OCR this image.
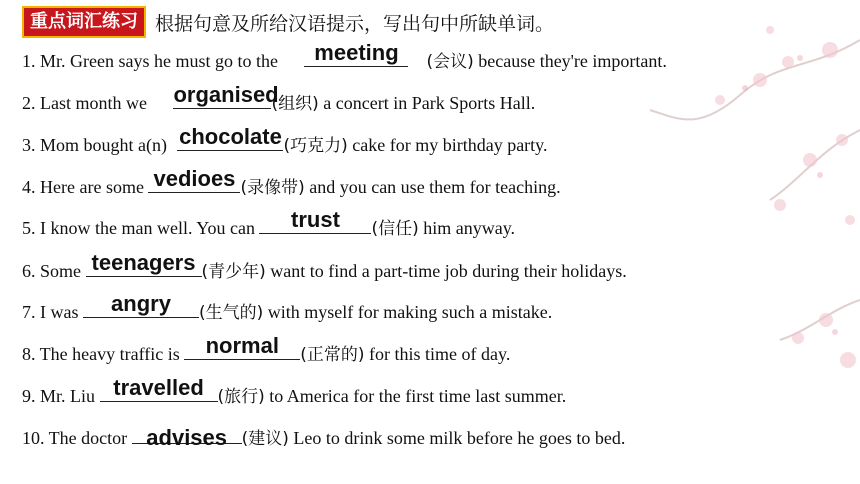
重点词汇练习 根据句意及所给汉语提示，写出句中所缺单词。
1. Mr. Green says he must go to the	meeting	(会议) because they're important.
2. Last month we organised
(组织) a concert in Park Sports Hall.
3. Mom bought a(n) chocolate (巧克力) cake for my birthday party.
4. Here are some vedioes (录像带) and you can use them for teaching.
5. I know the man well. You can	trust	(信任) him anyway.
6. Some teenagers (青少年) want to find a part-time job during their holidays.
7. I was	angry	(生气的) with myself for making such a mistake.
8. The heavy traffic is normal	(正常的) for this time of day.
9. Mr. Liu travelled (旅行) to America for the first time last summer.
10. The doctor advises (建议) Leo to drink some milk before he goes to bed.
